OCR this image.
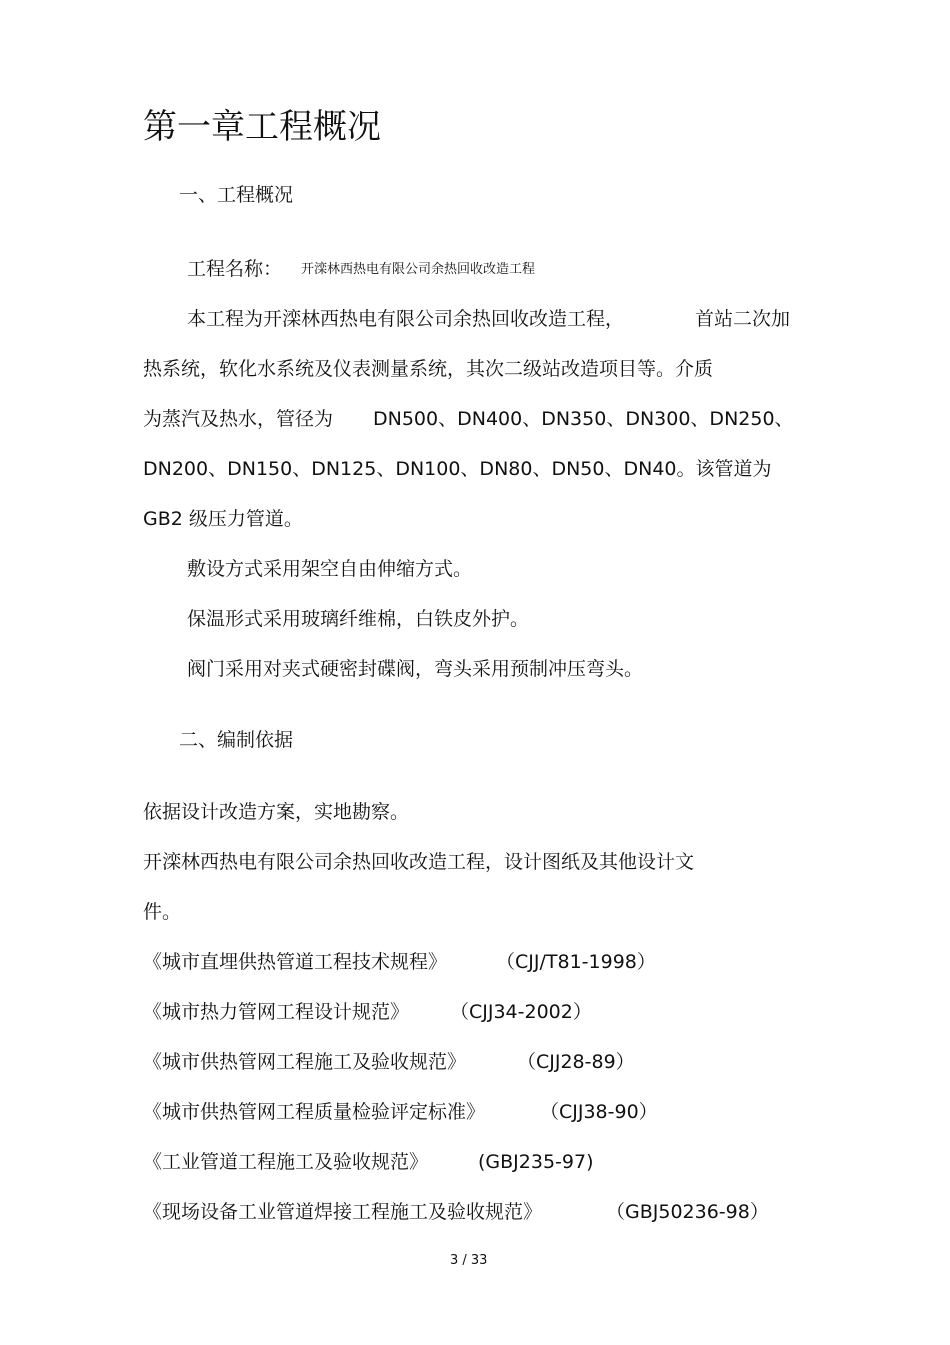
第一章工程概况
一、工程概况
工程名称： 开滦林西热电有限公司余热回收改造工程
本工程为开滦林西热电有限公司余热回收改造工程，	首站二次加
热系统，软化水系统及仪表测量系统，其次二级站改造项目等。介质
为蒸汽及热水，管径为 DN500、DN400、DN350、DN300、DN250、
DN200、DN150、DN125、DN100、DN80、DN50、DN40。该管道为
GB2 级压力管道。
敷设方式采用架空自由伸缩方式。
保温形式采用玻璃纤维棉，白铁皮外护。
阀门采用对夹式硬密封碟阀，弯头采用预制冲压弯头。
二、编制依据
依据设计改造方案，实地勘察。
开滦林西热电有限公司余热回收改造工程，设计图纸及其他设计文
件。
《城市直埋供热管道工程技术规程》	（CJJ/T81-1998）
《城市热力管网工程设计规范》 （CJJ34-2002）
《城市供热管网工程施工及验收规范》	（CJJ28-89）
《城市供热管网工程质量检验评定标准》	（CJJ38-90）
《工业管道工程施工及验收规范》	(GBJ235-97)
《现场设备工业管道焊接工程施工及验收规范》	（GBJ50236-98）
3 / 33
